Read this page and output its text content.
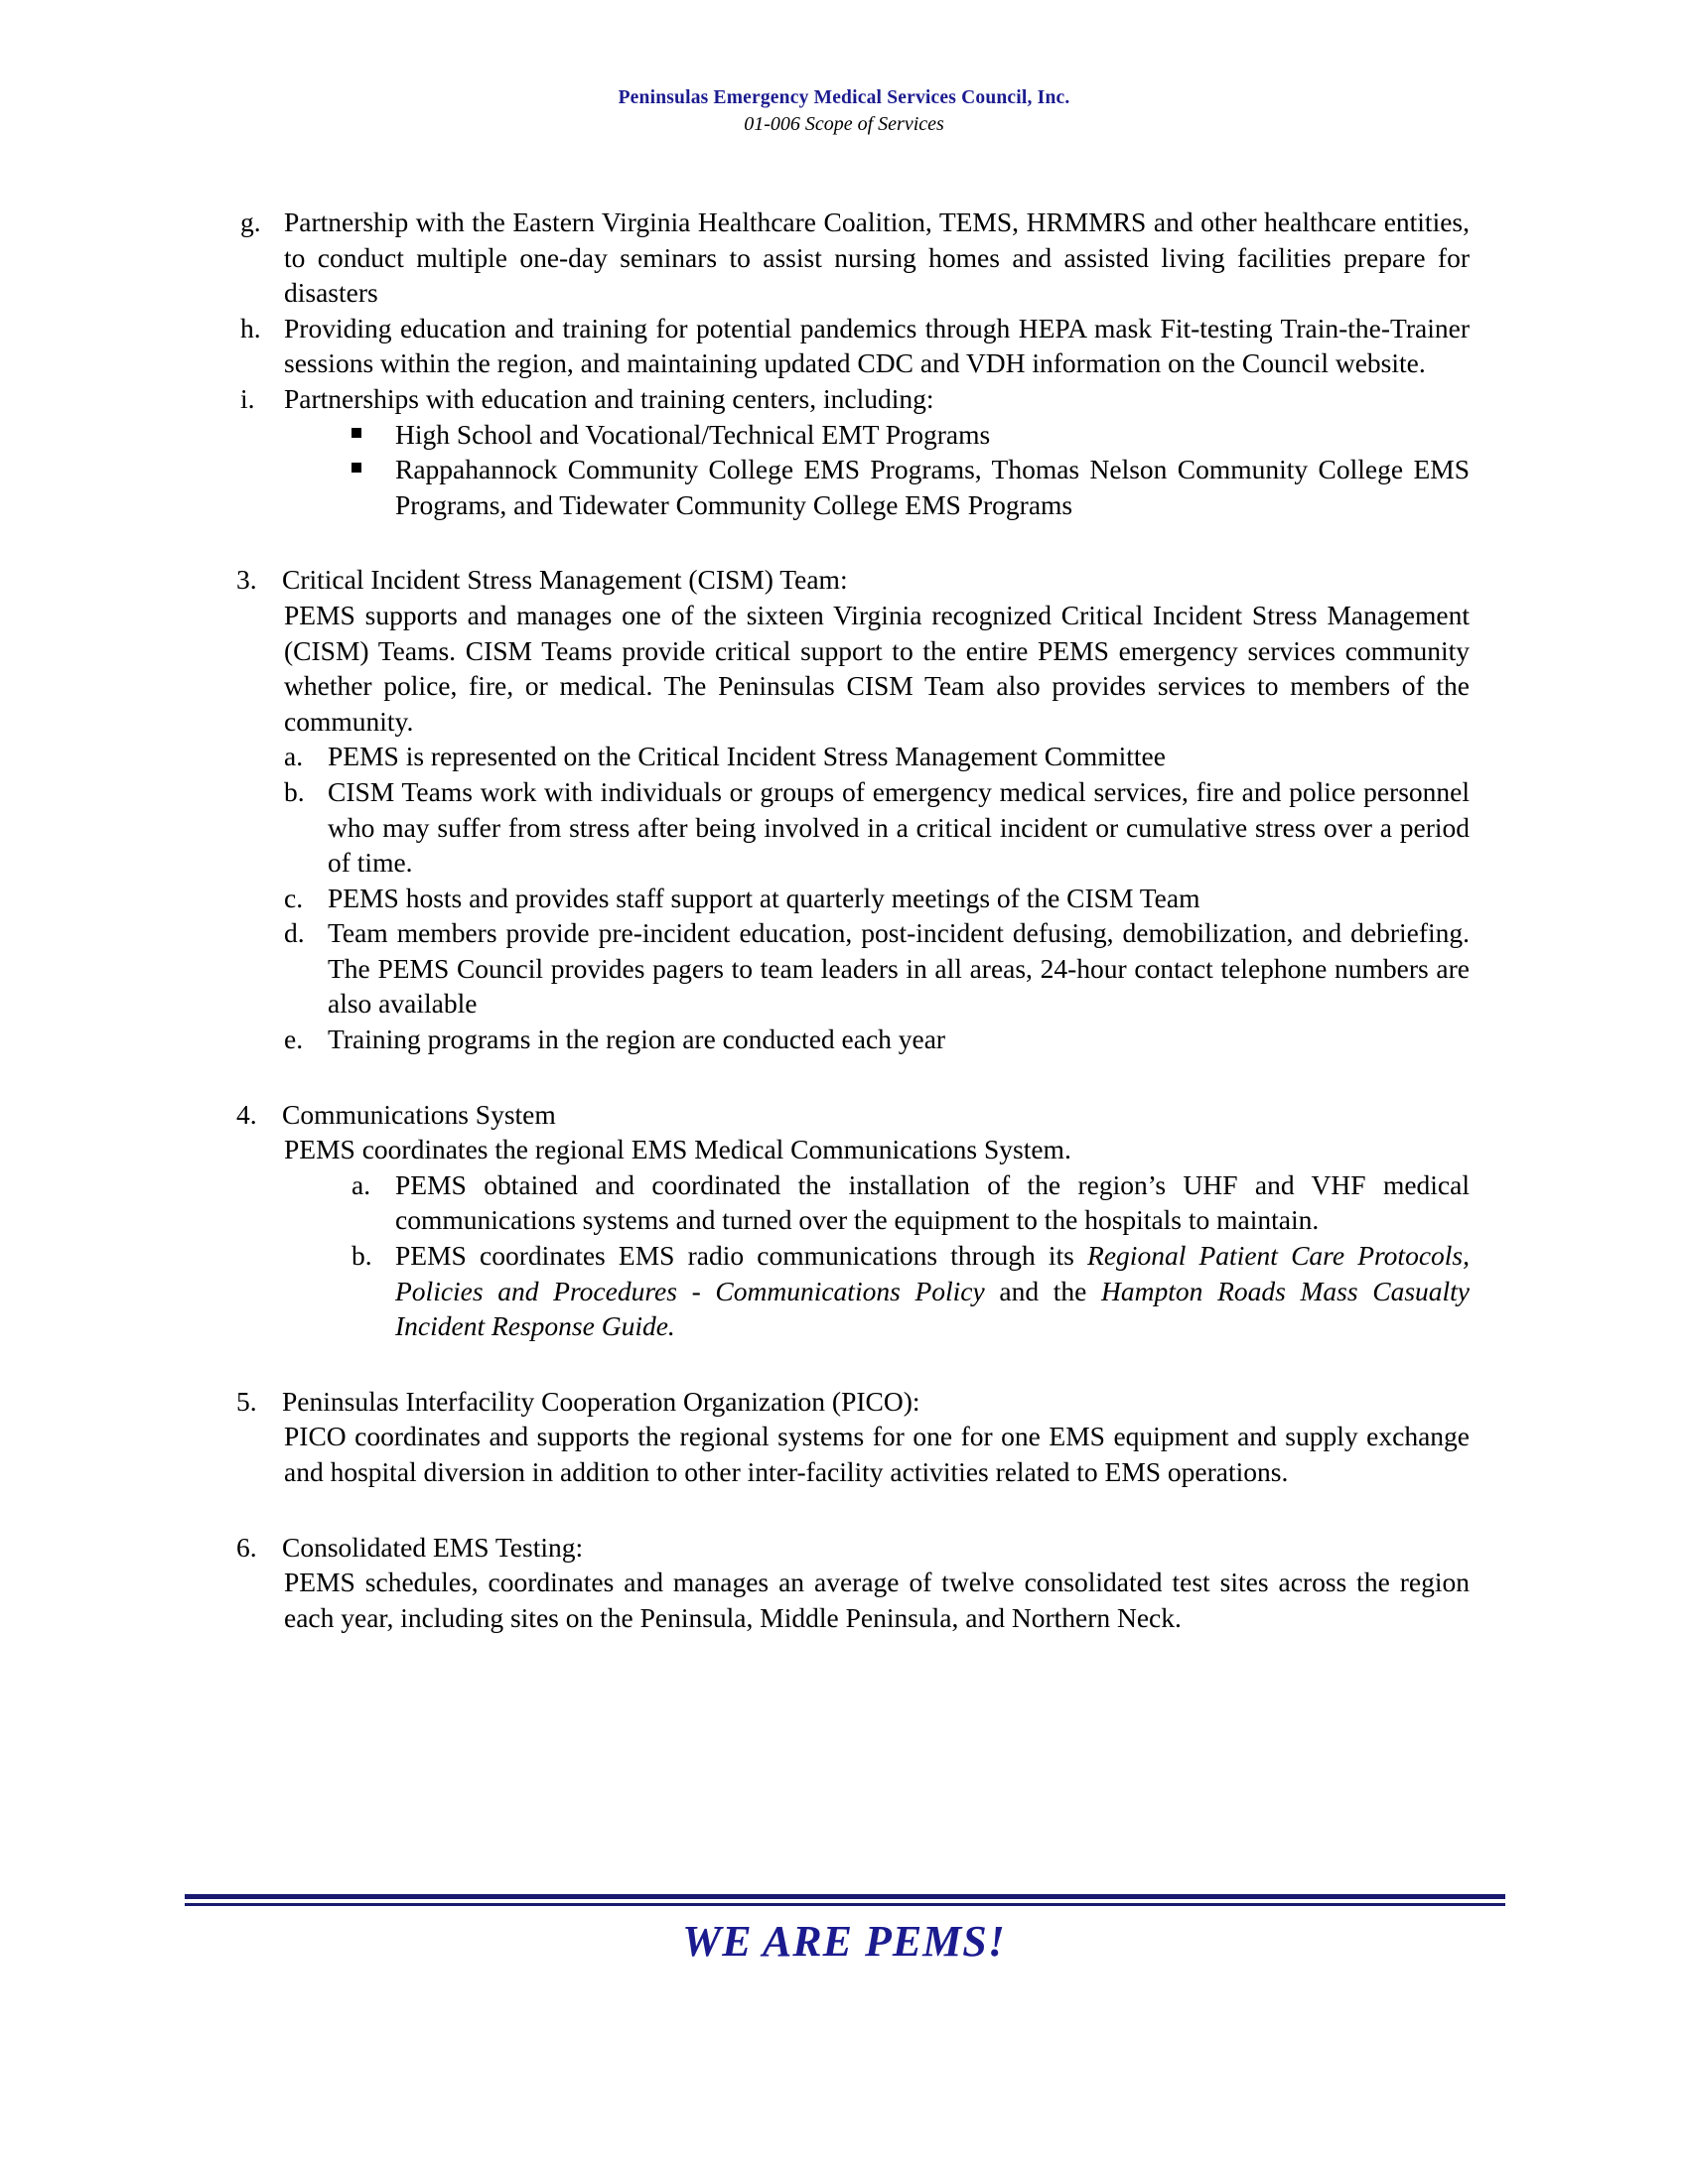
Peninsulas Emergency Medical Services Council, Inc.
01-006 Scope of Services
g. Partnership with the Eastern Virginia Healthcare Coalition, TEMS, HRMMRS and other healthcare entities, to conduct multiple one-day seminars to assist nursing homes and assisted living facilities prepare for disasters
h. Providing education and training for potential pandemics through HEPA mask Fit-testing Train-the-Trainer sessions within the region, and maintaining updated CDC and VDH information on the Council website.
i.	Partnerships with education and training centers, including:
High School and Vocational/Technical EMT Programs
Rappahannock Community College EMS Programs, Thomas Nelson Community College EMS Programs, and Tidewater Community College EMS Programs
3. Critical Incident Stress Management (CISM) Team:
PEMS supports and manages one of the sixteen Virginia recognized Critical Incident Stress Management (CISM) Teams. CISM Teams provide critical support to the entire PEMS emergency services community whether police, fire, or medical. The Peninsulas CISM Team also provides services to members of the community.
a. PEMS is represented on the Critical Incident Stress Management Committee
b. CISM Teams work with individuals or groups of emergency medical services, fire and police personnel who may suffer from stress after being involved in a critical incident or cumulative stress over a period of time.
c. PEMS hosts and provides staff support at quarterly meetings of the CISM Team
d. Team members provide pre-incident education, post-incident defusing, demobilization, and debriefing. The PEMS Council provides pagers to team leaders in all areas, 24-hour contact telephone numbers are also available
e. Training programs in the region are conducted each year
4. Communications System
PEMS coordinates the regional EMS Medical Communications System.
a. PEMS obtained and coordinated the installation of the region’s UHF and VHF medical communications systems and turned over the equipment to the hospitals to maintain.
b. PEMS coordinates EMS radio communications through its Regional Patient Care Protocols, Policies and Procedures - Communications Policy and the Hampton Roads Mass Casualty Incident Response Guide.
5. Peninsulas Interfacility Cooperation Organization (PICO):
PICO coordinates and supports the regional systems for one for one EMS equipment and supply exchange and hospital diversion in addition to other inter-facility activities related to EMS operations.
6. Consolidated EMS Testing:
PEMS schedules, coordinates and manages an average of twelve consolidated test sites across the region each year, including sites on the Peninsula, Middle Peninsula, and Northern Neck.
WE ARE PEMS!
